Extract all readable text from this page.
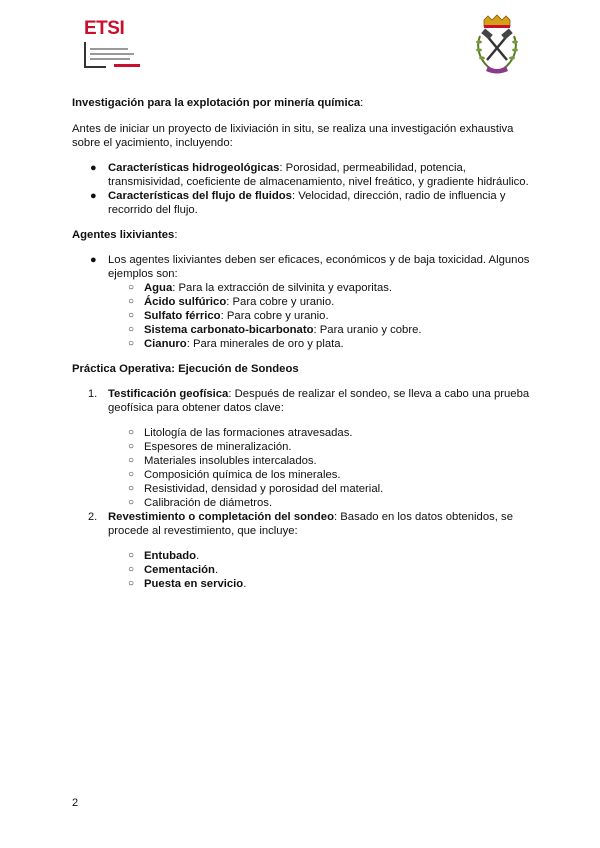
ETSI

Investigación para la explotación por minería química:

Antes de iniciar un proyecto de lixiviación in situ, se realiza una investigación exhaustiva sobre el yacimiento, incluyendo:

● Características hidrogeológicas: Porosidad, permeabilidad, potencia, transmisividad, coeficiente de almacenamiento, nivel freático, y gradiente hidráulico.
● Características del flujo de fluidos: Velocidad, dirección, radio de influencia y recorrido del flujo.

Agentes lixiviantes:

● Los agentes lixiviantes deben ser eficaces, económicos y de baja toxicidad. Algunos ejemplos son:
○ Agua: Para la extracción de silvinita y evaporitas.
○ Ácido sulfúrico: Para cobre y uranio.
○ Sulfato férrico: Para cobre y uranio.
○ Sistema carbonato-bicarbonato: Para uranio y cobre.
○ Cianuro: Para minerales de oro y plata.

Práctica Operativa: Ejecución de Sondeos

1. Testificación geofísica: Después de realizar el sondeo, se lleva a cabo una prueba geofísica para obtener datos clave:
○ Litología de las formaciones atravesadas.
○ Espesores de mineralización.
○ Materiales insolubles intercalados.
○ Composición química de los minerales.
○ Resistividad, densidad y porosidad del material.
○ Calibración de diámetros.
2. Revestimiento o completación del sondeo: Basado en los datos obtenidos, se procede al revestimiento, que incluye:
○ Entubado.
○ Cementación.
○ Puesta en servicio.
2
